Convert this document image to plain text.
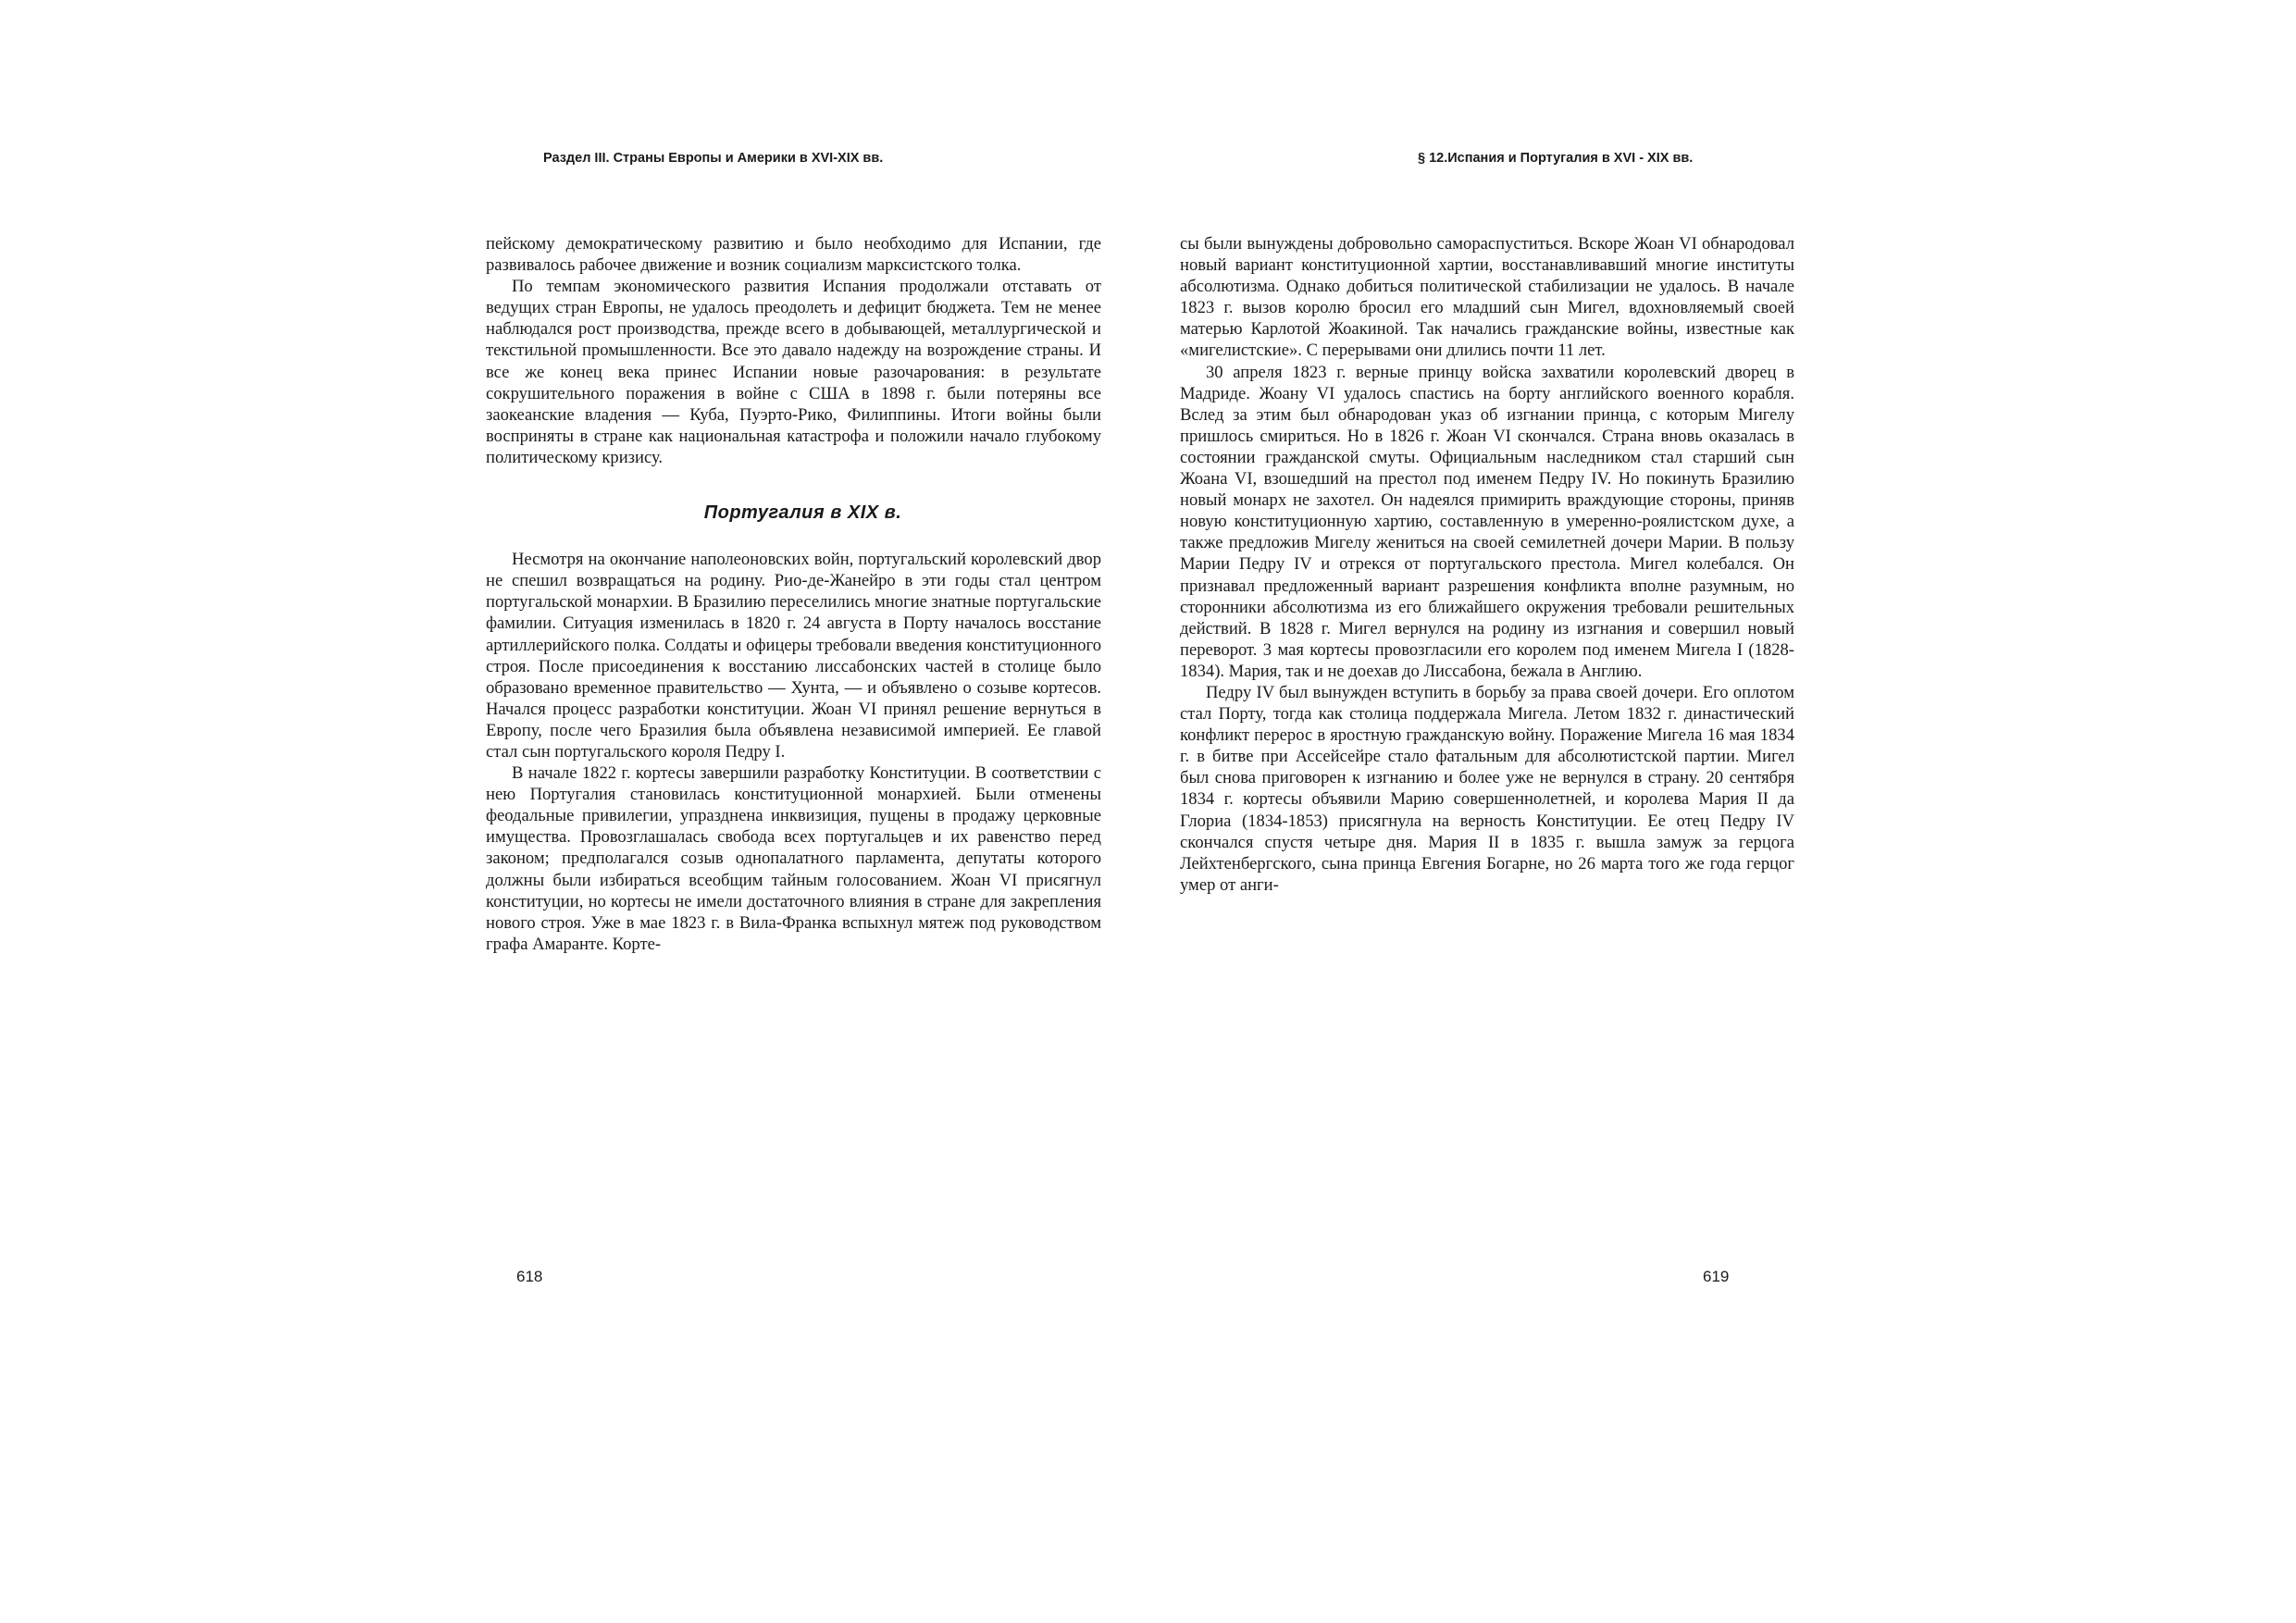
Раздел III. Страны Европы и Америки в XVI-XIX вв.

пейскому демократическому развитию и было необходимо для Испании, где развивалось рабочее движение и возник социализм марксистского толка.

По темпам экономического развития Испания продолжали отставать от ведущих стран Европы, не удалось преодолеть и дефицит бюджета. Тем не менее наблюдался рост производства, прежде всего в добывающей, металлургической и текстильной промышленности. Все это давало надежду на возрождение страны. И все же конец века принес Испании новые разочарования: в результате сокрушительного поражения в войне с США в 1898 г. были потеряны все заокеанские владения — Куба, Пуэрто-Рико, Филиппины. Итоги войны были восприняты в стране как национальная катастрофа и положили начало глубокому политическому кризису.

Португалия в XIX в.

Несмотря на окончание наполеоновских войн, португальский королевский двор не спешил возвращаться на родину. Рио-де-Жанейро в эти годы стал центром португальской монархии. В Бразилию переселились многие знатные португальские фамилии. Ситуация изменилась в 1820 г. 24 августа в Порту началось восстание артиллерийского полка. Солдаты и офицеры требовали введения конституционного строя. После присоединения к восстанию лиссабонских частей в столице было образовано временное правительство — Хунта, — и объявлено о созыве кортесов. Начался процесс разработки конституции. Жоан VI принял решение вернуться в Европу, после чего Бразилия была объявлена независимой империей. Ее главой стал сын португальского короля Педру I.

В начале 1822 г. кортесы завершили разработку Конституции. В соответствии с нею Португалия становилась конституционной монархией. Были отменены феодальные привилегии, упразднена инквизиция, пущены в продажу церковные имущества. Провозглашалась свобода всех португальцев и их равенство перед законом; предполагался созыв однопалатного парламента, депутаты которого должны были избираться всеобщим тайным голосованием. Жоан VI присягнул конституции, но кортесы не имели достаточного влияния в стране для закрепления нового строя. Уже в мае 1823 г. в Вила-Франка вспыхнул мятеж под руководством графа Амаранте. Корте-

618
§ 12.Испания и Португалия в XVI - XIX вв.

сы были вынуждены добровольно самораспуститься. Вскоре Жоан VI обнародовал новый вариант конституционной хартии, восстанавливавший многие институты абсолютизма. Однако добиться политической стабилизации не удалось. В начале 1823 г. вызов королю бросил его младший сын Мигел, вдохновляемый своей матерью Карлотой Жоакиной. Так начались гражданские войны, известные как «мигелистские». С перерывами они длились почти 11 лет.

30 апреля 1823 г. верные принцу войска захватили королевский дворец в Мадриде. Жоану VI удалось спастись на борту английского военного корабля. Вслед за этим был обнародован указ об изгнании принца, с которым Мигелу пришлось смириться. Но в 1826 г. Жоан VI скончался. Страна вновь оказалась в состоянии гражданской смуты. Официальным наследником стал старший сын Жоана VI, взошедший на престол под именем Педру IV. Но покинуть Бразилию новый монарх не захотел. Он надеялся примирить враждующие стороны, приняв новую конституционную хартию, составленную в умеренно-роялистском духе, а также предложив Мигелу жениться на своей семилетней дочери Марии. В пользу Марии Педру IV и отрекся от португальского престола. Мигел колебался. Он признавал предложенный вариант разрешения конфликта вполне разумным, но сторонники абсолютизма из его ближайшего окружения требовали решительных действий. В 1828 г. Мигел вернулся на родину из изгнания и совершил новый переворот. 3 мая кортесы провозгласили его королем под именем Мигела I (1828-1834). Мария, так и не доехав до Лиссабона, бежала в Англию.

Педру IV был вынужден вступить в борьбу за права своей дочери. Его оплотом стал Порту, тогда как столица поддержала Мигела. Летом 1832 г. династический конфликт перерос в яростную гражданскую войну. Поражение Мигела 16 мая 1834 г. в битве при Ассейсейре стало фатальным для абсолютистской партии. Мигел был снова приговорен к изгнанию и более уже не вернулся в страну. 20 сентября 1834 г. кортесы объявили Марию совершеннолетней, и королева Мария II да Глориа (1834-1853) присягнула на верность Конституции. Ее отец Педру IV скончался спустя четыре дня. Мария II в 1835 г. вышла замуж за герцога Лейхтенбергского, сына принца Евгения Богарне, но 26 марта того же года герцог умер от анги-

619
